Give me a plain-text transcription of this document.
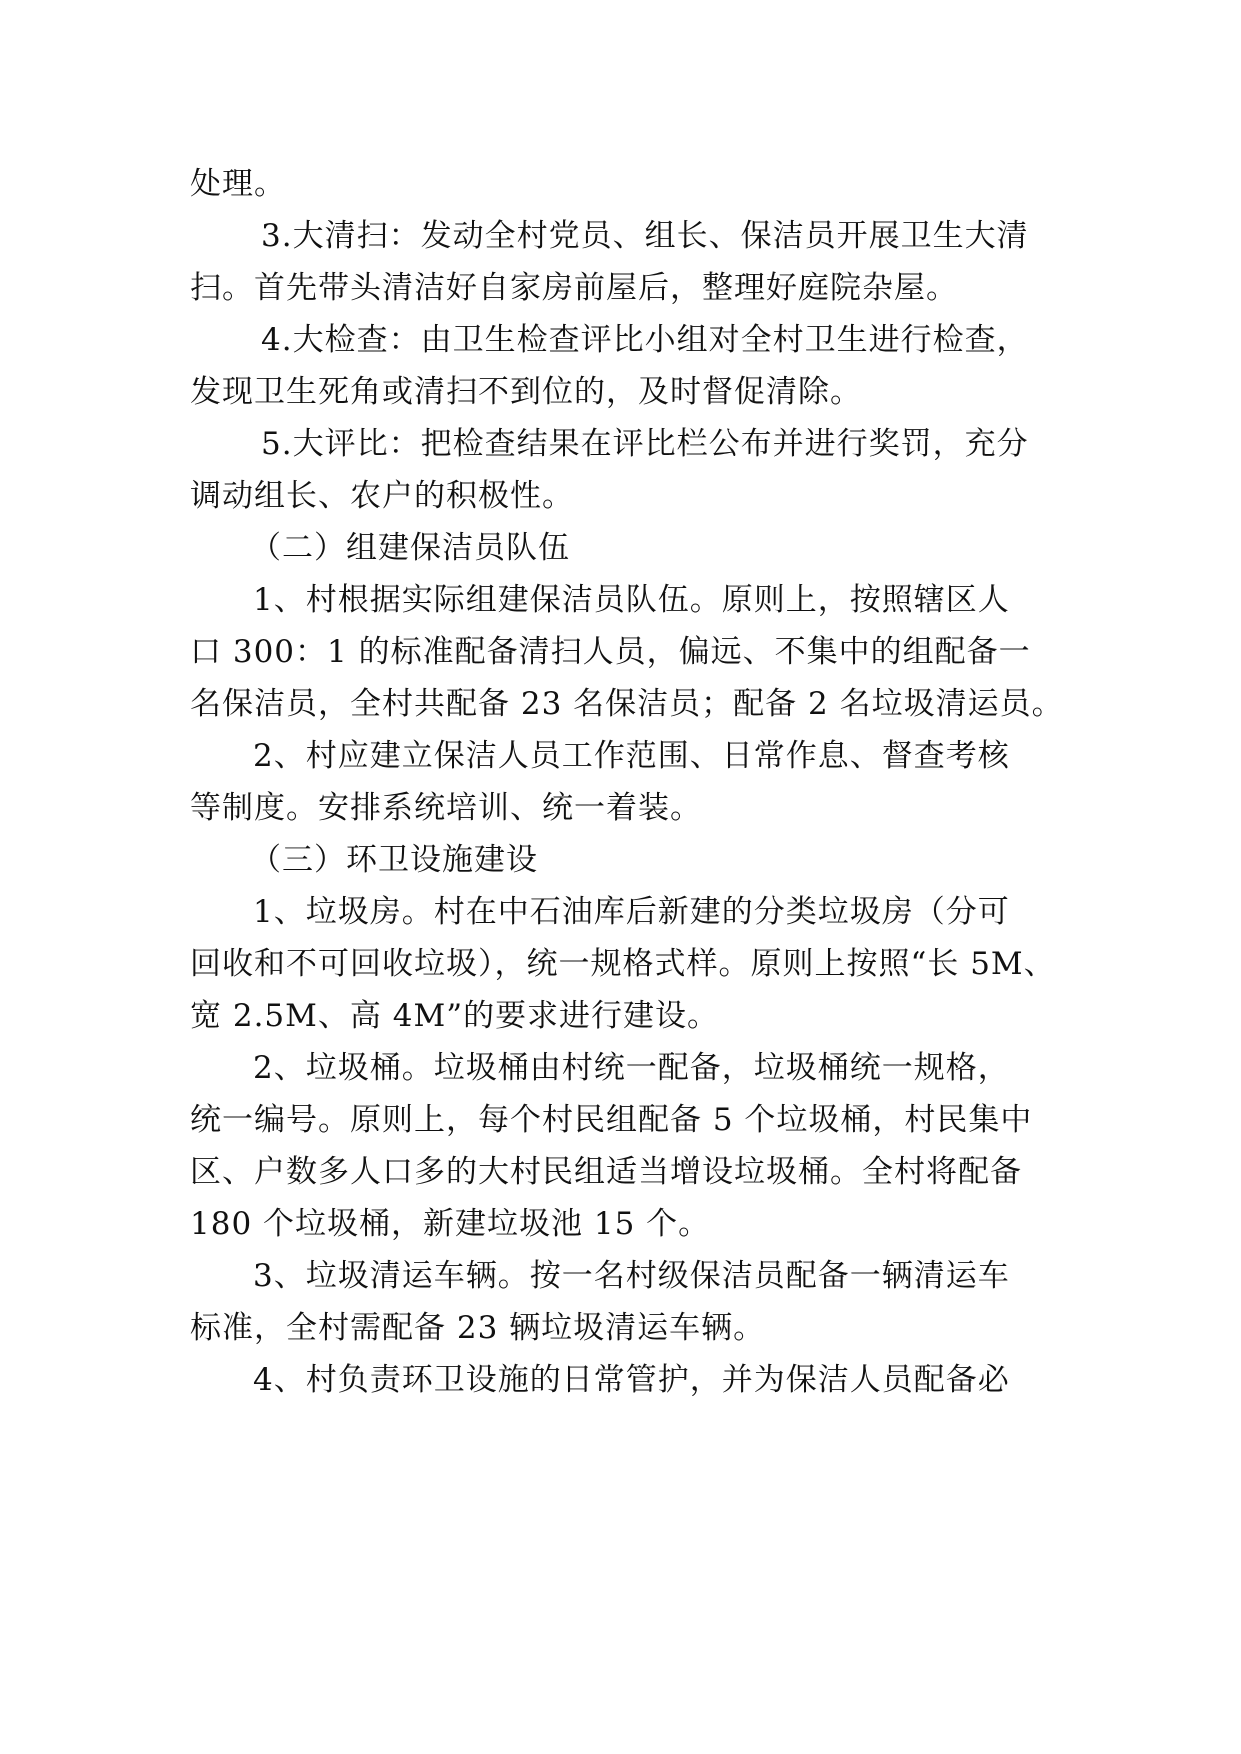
处理。
3.大清扫：发动全村党员、组长、保洁员开展卫生大清
扫。首先带头清洁好自家房前屋后，整理好庭院杂屋。
4.大检查：由卫生检查评比小组对全村卫生进行检查，
发现卫生死角或清扫不到位的，及时督促清除。
5.大评比：把检查结果在评比栏公布并进行奖罚，充分
调动组长、农户的积极性。
（二）组建保洁员队伍
1、村根据实际组建保洁员队伍。原则上，按照辖区人
口 300：1 的标准配备清扫人员，偏远、不集中的组配备一
名保洁员，全村共配备 23 名保洁员；配备 2 名垃圾清运员。
2、村应建立保洁人员工作范围、日常作息、督查考核
等制度。安排系统培训、统一着装。
（三）环卫设施建设
1、垃圾房。村在中石油库后新建的分类垃圾房（分可
回收和不可回收垃圾），统一规格式样。原则上按照“长 5M、
宽 2.5M、高 4M”的要求进行建设。
2、垃圾桶。垃圾桶由村统一配备，垃圾桶统一规格，
统一编号。原则上，每个村民组配备 5 个垃圾桶，村民集中
区、户数多人口多的大村民组适当增设垃圾桶。全村将配备
180 个垃圾桶，新建垃圾池 15 个。
3、垃圾清运车辆。按一名村级保洁员配备一辆清运车
标准，全村需配备 23 辆垃圾清运车辆。
4、村负责环卫设施的日常管护，并为保洁人员配备必
